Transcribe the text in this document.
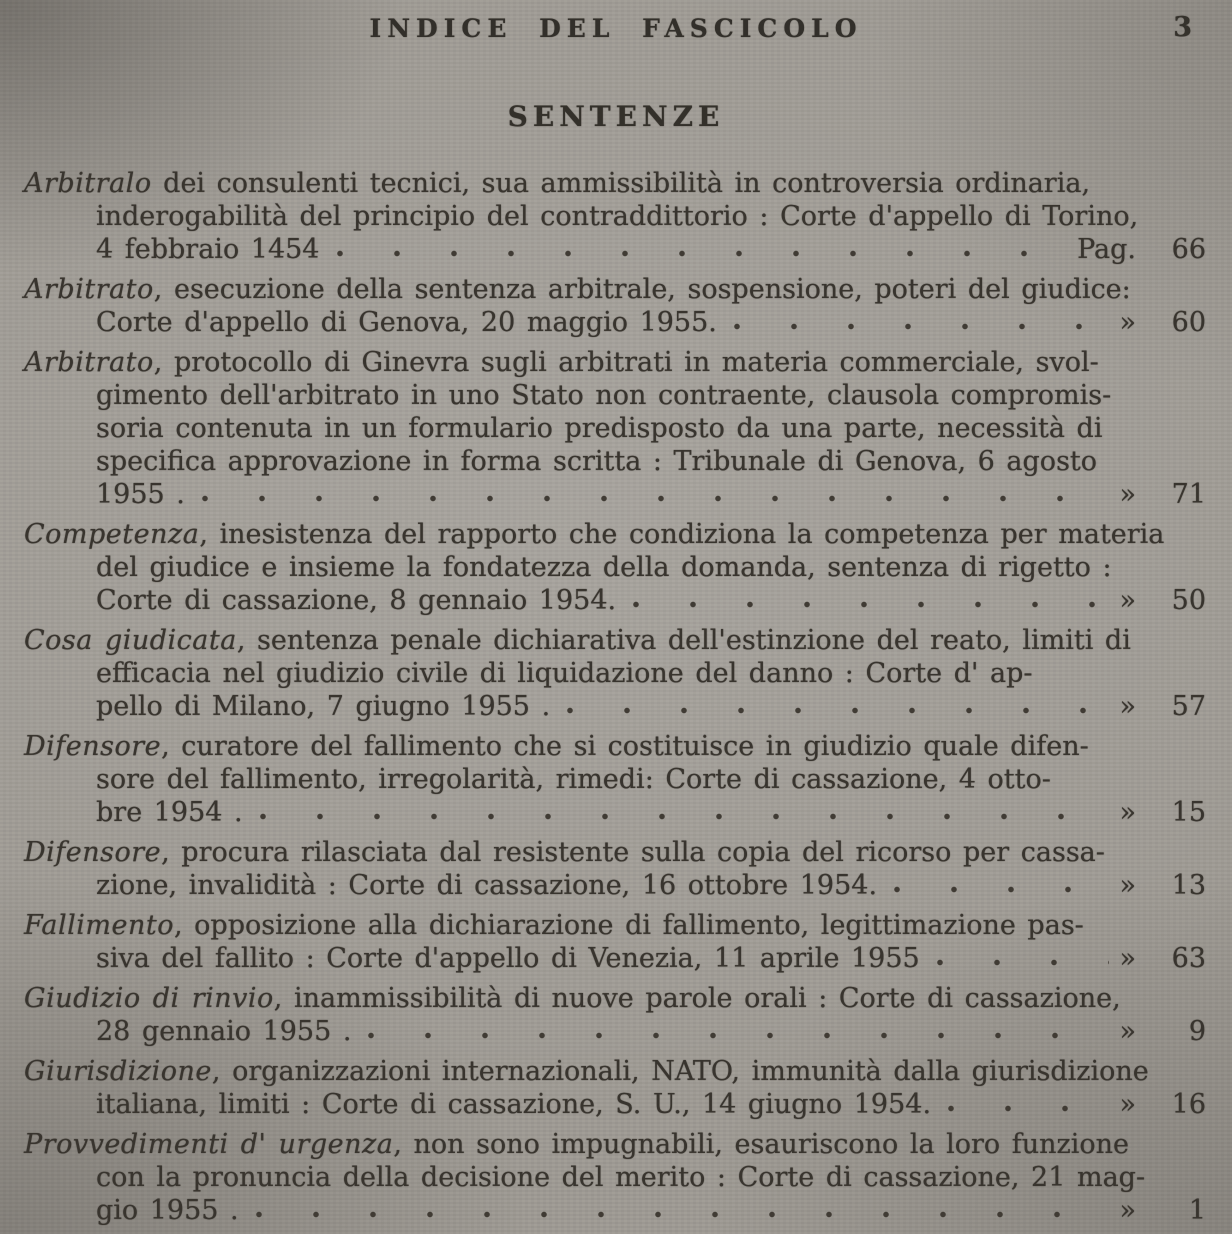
INDICE DEL FASCICOLO	3
SENTENZE
Arbitralo dei consulenti tecnici, sua ammissibilità in controversia ordinaria,
inderogabilità del principio del contraddittorio : Corte d'appello di Torino,
4 febbraio 1454	Pag.	66
Arbitrato, esecuzione della sentenza arbitrale, sospensione, poteri del giudice:
Corte d'appello di Genova, 20 maggio 1955.	»	60
Arbitrato, protocollo di Ginevra sugli arbitrati in materia commerciale, svol-
gimento dell'arbitrato in uno Stato non contraente, clausola compromis-
soria contenuta in un formulario predisposto da una parte, necessità di
specifica approvazione in forma scritta : Tribunale di Genova, 6 agosto
1955 .	»	71
Competenza, inesistenza del rapporto che condiziona la competenza per materia
del giudice e insieme la fondatezza della domanda, sentenza di rigetto :
Corte di cassazione, 8 gennaio 1954.	»	50
Cosa giudicata, sentenza penale dichiarativa dell'estinzione del reato, limiti di
efficacia nel giudizio civile di liquidazione del danno : Corte d' ap-
pello di Milano, 7 giugno 1955 .	»	57
Difensore, curatore del fallimento che si costituisce in giudizio quale difen-
sore del fallimento, irregolarità, rimedi: Corte di cassazione, 4 otto-
bre 1954 .	»	15
Difensore, procura rilasciata dal resistente sulla copia del ricorso per cassa-
zione, invalidità : Corte di cassazione, 16 ottobre 1954.	»	13
Fallimento, opposizione alla dichiarazione di fallimento, legittimazione pas-
siva del fallito : Corte d'appello di Venezia, 11 aprile 1955	»	63
Giudizio di rinvio, inammissibilità di nuove parole orali : Corte di cassazione,
28 gennaio 1955 .	»	9
Giurisdizione, organizzazioni internazionali, NATO, immunità dalla giurisdizione
italiana, limiti : Corte di cassazione, S. U., 14 giugno 1954.	»	16
Provvedimenti d' urgenza, non sono impugnabili, esauriscono la loro funzione
con la pronuncia della decisione del merito : Corte di cassazione, 21 mag-
gio 1955 .	»	1
